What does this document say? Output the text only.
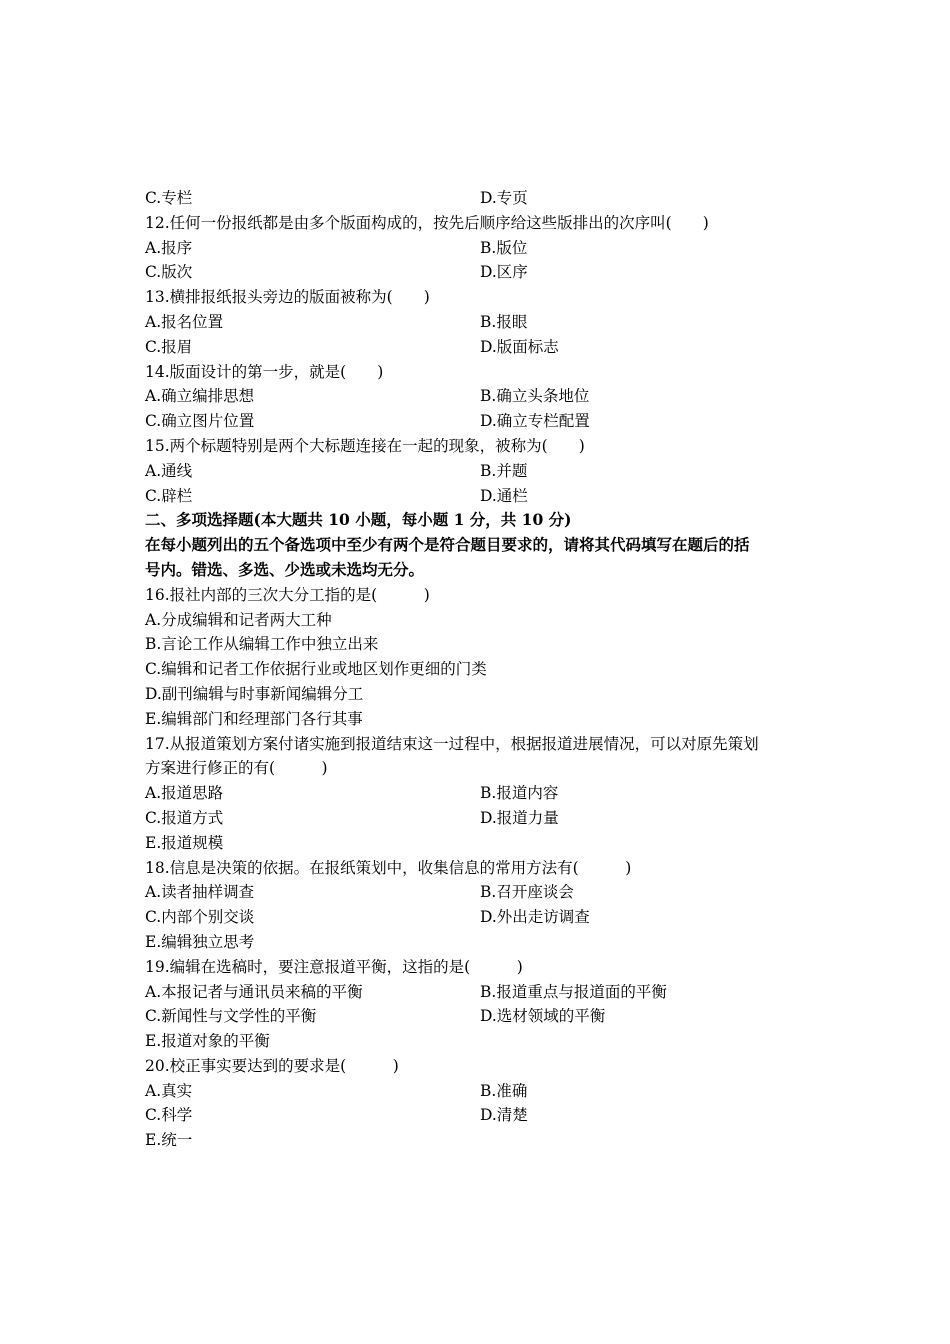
C.专栏	D.专页
12.任何一份报纸都是由多个版面构成的，按先后顺序给这些版排出的次序叫(　　)
A.报序	B.版位
C.版次	D.区序
13.横排报纸报头旁边的版面被称为(　　)
A.报名位置	B.报眼
C.报眉	D.版面标志
14.版面设计的第一步，就是(　　)
A.确立编排思想	B.确立头条地位
C.确立图片位置	D.确立专栏配置
15.两个标题特别是两个大标题连接在一起的现象，被称为(　　)
A.通线	B.并题
C.辟栏	D.通栏
二、多项选择题(本大题共 10 小题，每小题 1 分，共 10 分)
在每小题列出的五个备选项中至少有两个是符合题目要求的，请将其代码填写在题后的括
号内。错选、多选、少选或未选均无分。
16.报社内部的三次大分工指的是(　　　)
A.分成编辑和记者两大工种
B.言论工作从编辑工作中独立出来
C.编辑和记者工作依据行业或地区划作更细的门类
D.副刊编辑与时事新闻编辑分工
E.编辑部门和经理部门各行其事
17.从报道策划方案付诸实施到报道结束这一过程中，根据报道进展情况，可以对原先策划
方案进行修正的有(　　　)
A.报道思路	B.报道内容
C.报道方式	D.报道力量
E.报道规模
18.信息是决策的依据。在报纸策划中，收集信息的常用方法有(　　　)
A.读者抽样调查	B.召开座谈会
C.内部个别交谈	D.外出走访调查
E.编辑独立思考
19.编辑在选稿时，要注意报道平衡，这指的是(　　　)
A.本报记者与通讯员来稿的平衡	B.报道重点与报道面的平衡
C.新闻性与文学性的平衡	D.选材领域的平衡
E.报道对象的平衡
20.校正事实要达到的要求是(　　　)
A.真实	B.准确
C.科学	D.清楚
E.统一
